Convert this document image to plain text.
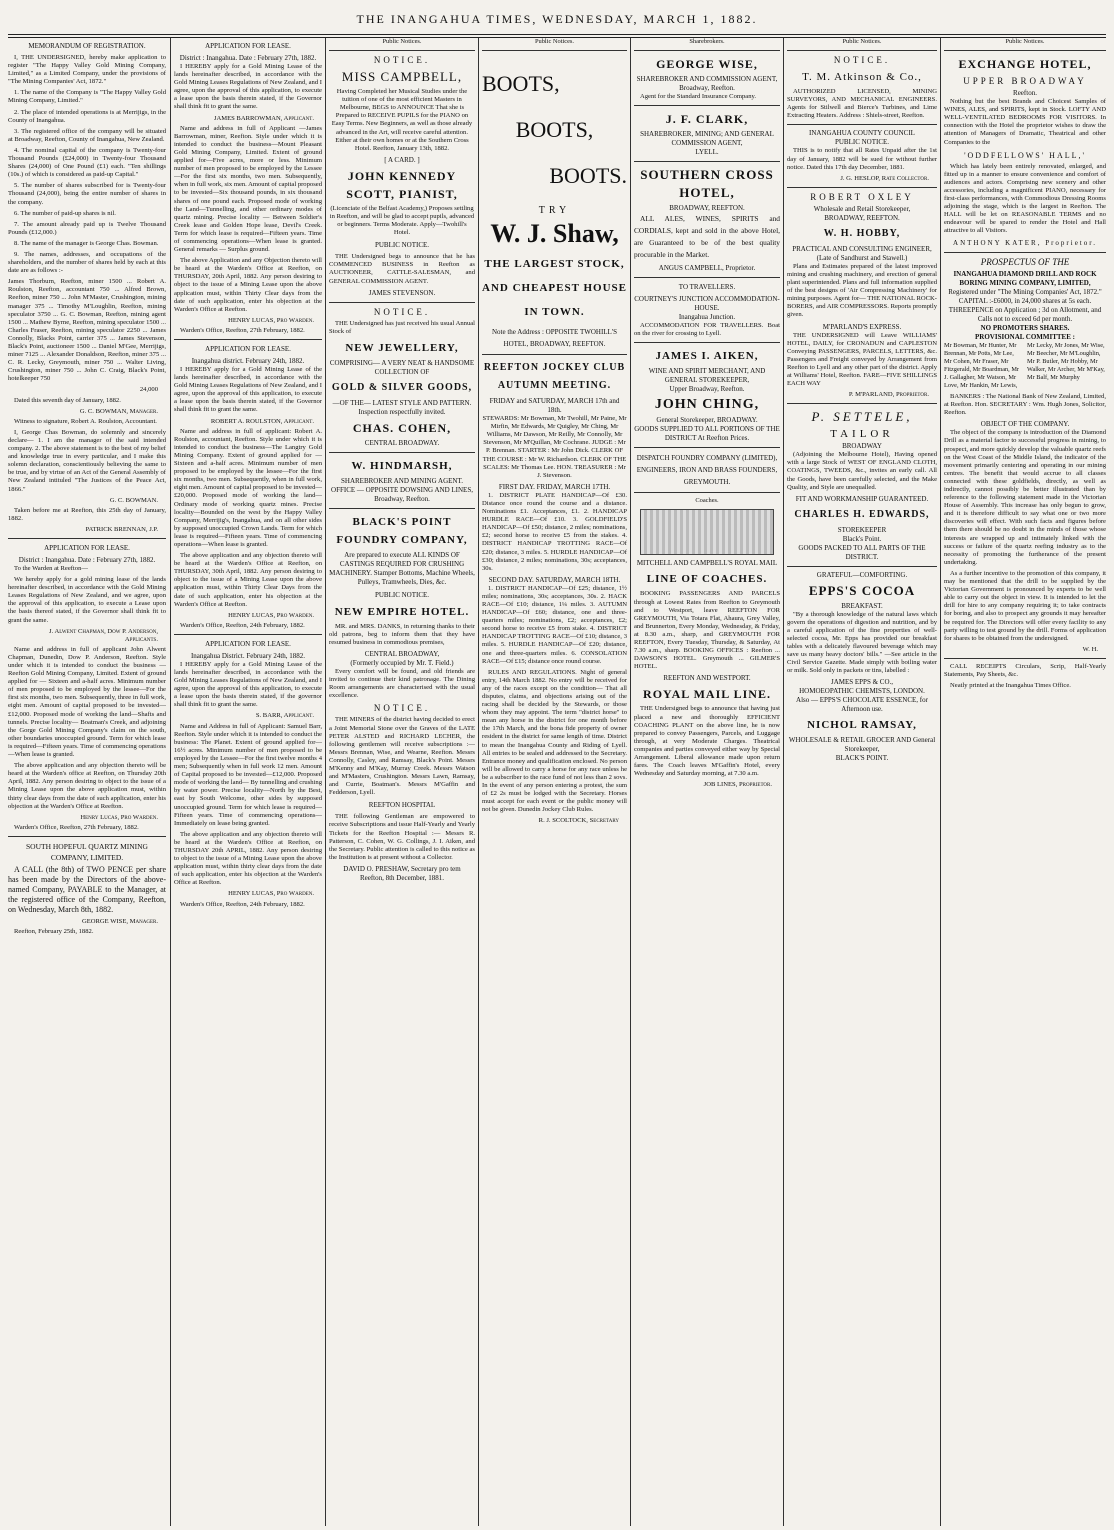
THE INANGAHUA TIMES, WEDNESDAY, MARCH 1, 1882.
MEMORANDUM OF REGISTRATION.

I, THE UNDERSIGNED, hereby make application to register "The Happy Valley Gold Mining Company, Limited," as a Limited Company, under the provisions of "The Mining Companies' Act, 1872."

1. The name of the Company is "The Happy Valley Gold Mining Company, Limited."

2. The place of intended operations is at Merrijigs, in the County of Inangahua.

3. The registered office of the company will be situated at Broadway, Reefton, County of Inangahua, New Zealand.

4. The nominal capital of the company is Twenty-four Thousand Pounds (£24,000) in Twenty-four Thousand Shares (24,000) of One Pound (£1) each. "Ten shillings (10s.) of which is considered as paid-up Capital."

5. The number of shares subscribed for is Twenty-four Thousand (24,000), being the entire number of shares in the company.

6. The number of paid-up shares is nil.

7. The amount already paid up is Twelve Thousand Pounds (£12,000.)

8. The name of the manager is George Chas. Bowman.

9. The names, addresses, and occupations of the shareholders, and the number of shares held by each at this date are as follows :-

James Thorburn, Reefton, miner 1500 ... Robert A. Roulston, Reefton, accountant 750 ... Alfred Brown, Reefton, miner 750 ... John M'Master, Crushington, mining manager 375 ... Timothy M'Loughlin, Reefton, mining speculator 3750 ... G. C. Bowman, Reefton, mining agent 1500 ... Mathew Byrne, Reefton, mining speculator 1500 ... Charles Fraser, Reefton, mining speculator 2250 ... James Connolly, Blacks Point, carrier 375 ... James Stevenson, Black's Point, auctioneer 1500 ... Daniel M'Gee, Merrijigs, miner 7125 ... Alexander Donaldson, Reefton, miner 375 ... C. R. Lecky, Greymouth, miner 750 ... Walter Living, Crushington, miner 750 ... John C. Craig, Black's Point, hotelkeeper 750

24,000

Dated this seventh day of January, 1882.

G. C. BOWMAN, Manager.

Witness to signature, Robert A. Roulston, Accountant.

I, George Chas Bowman, do solemnly and sincerely declare— 1. I am the manager of the said intended company. 2. The above statement is to the best of my belief and knowledge true in every particular, and I make this solemn declaration, conscientiously believing the same to be true, and by virtue of an Act of the General Assembly of New Zealand intituled "The Justices of the Peace Act, 1866."

G. C. BOWMAN.

Taken before me at Reefton, this 25th day of January, 1882.

PATRICK BRENNAN, J.P.
APPLICATION FOR LEASE.
District : Inangahua. Date : February 27th, 1882.

To the Warden at Reefton—

We hereby apply for a gold mining lease of the lands hereinafter described, in accordance with the Gold Mining Leases Regulations of New Zealand, and we agree, upon the approval of this application, to execute a Lease upon the basis thereof stated, if the Governor shall think fit to grant the same.

J. Alwent Chapman, Dow P. Anderson, Applicants.

Name and address in full of applicant John Alwent Chapman, Dunedin, Dow P. Anderson, Reefton. Style under which it is intended to conduct the business — Reefton Gold Mining Company, Limited. Extent of ground applied for — Sixteen and a-half acres. Minimum number of men proposed to be employed by the lessee—For the first six months, two men. Subsequently, three in full work, eight men. Amount of capital proposed to be invested—£12,000. Proposed mode of working the land—Shafts and tunnels. Precise locality— Boatman's Creek, and adjoining the Gorge Gold Mining Company's claim on the south, other boundaries unoccupied ground. Term for which lease is required—Fifteen years. Time of commencing operations—When lease is granted.

The above application and any objection thereto will be heard at the Warden's office at Reefton, on Thursday 20th April, 1882. Any person desiring to object to the issue of a Mining Lease upon the above application must, within thirty clear days from the date of such application, enter his objection at the Warden's Office at Reefton.

Henry Lucas, Pro Warden.

Warden's Office, Reefton, 27th February, 1882.

SOUTH HOPEFUL QUARTZ MINING COMPANY, LIMITED.

A CALL (the 8th) of TWO PENCE per share has been made by the Directors of the above-named Company, PAYABLE to the Manager, at the registered office of the Company, Reefton, on Wednesday, March 8th, 1882.

GEORGE WISE, Manager.

Reefton, February 25th, 1882.

APPLICATION FOR LEASE.
District : Inangahua. Date : February 27th, 1882.

I HEREBY apply for a Gold Mining Lease of the lands hereinafter described, in accordance with the Gold Mining Leases Regulations of New Zealand, and I agree, upon the approval of this application, to execute a lease upon the basis therein stated, if the Governor shall think fit to grant the same.

JAMES BARROWMAN, Applicant.

Name and address in full of Applicant —James Barrowman, miner, Reefton. Style under which it is intended to conduct the business—Mount Pleasant Gold Mining Company, Limited. Extent of ground applied for—Five acres, more or less. Minimum number of men proposed to be employed by the Lessee—For the first six months, two men. Subsequently, when in full work, six men. Amount of capital proposed to be invested—Six thousand pounds, in six thousand shares of one pound each. Proposed mode of working the Land—Tunnelling, and other ordinary modes of quartz mining. Precise locality — Between Soldier's Creek lease and Golden Hope lease, Devil's Creek. Term for which lease is required—Fifteen years. Time of commencing operations—When lease is granted. General remarks — Surplus ground.

The above Application and any Objection thereto will be heard at the Warden's Office at Reefton, on THURSDAY, 20th April, 1882. Any person desiring to object to the issue of a Mining Lease upon the above application must, within Thirty Clear days from the date of such application, enter his objection at the Warden's Office at Reefton.

HENRY LUCAS, Pro Warden.

Warden's Office, Reefton, 27th February, 1882.

APPLICATION FOR LEASE.
Inangahua district. February 24th, 1882.

I HEREBY apply for a Gold Mining Lease of the lands hereinafter described, in accordance with the Gold Mining Leases Regulations of New Zealand, and I agree, upon the approval of this application, to execute a lease upon the basis therein stated, if the Governor shall think fit to grant the same.

ROBERT A. ROULSTON, Applicant.

Name and address in full of applicant: Robert A. Roulston, accountant, Reefton. Style under which it is intended to conduct the business—The Langtry Gold Mining Company. Extent of ground applied for — Sixteen and a-half acres. Minimum number of men proposed to be employed by the lessee—For the first six months, two men. Subsequently, when in full work, eight men. Amount of capital proposed to be invested—£20,000. Proposed mode of working the land— Ordinary mode of working quartz mines. Precise locality—Bounded on the west by the Happy Valley Company, Merrijig's, Inangahua, and on all other sides by supposed unoccupied Crown Lands. Term for which lease is required—Fifteen years. Time of commencing operations—When lease is granted.

The above application and any objection thereto will be heard at the Warden's Office at Reefton, on THURSDAY, 30th April, 1882. Any person desiring to object to the issue of a Mining Lease upon the above application must, within Thirty Clear Days from the date of such application, enter his objection at the Warden's Office at Reefton.

HENRY LUCAS, Pro Warden.

Warden's Office, Reefton, 24th February, 1882.

APPLICATION FOR LEASE.
Inangahua District. February 24th, 1882.

I HEREBY apply for a Gold Mining Lease of the lands hereinafter described, in accordance with the Gold Mining Leases Regulations of New Zealand, and I agree, upon the approval of this application, to execute a lease upon the basis therein stated, if the governor shall think fit to grant the same.

S. BARR, Applicant.

Name and Address in full of Applicant: Samuel Barr, Reefton. Style under which it is intended to conduct the business: The Planet. Extent of ground applied for—16½ acres. Minimum number of men proposed to be employed by the Lessee—For the first twelve months 4 men; Subsequently when in full work 12 men. Amount of Capital proposed to be invested—£12,000. Proposed mode of working the land— By tunnelling and crushing by water power. Precise locality—North by the Best, east by South Welcome, other sides by supposed unoccupied ground. Term for which lease is required—Fifteen years. Time of commencing operations—Immediately on lease being granted.

The above application and any objection thereto will be heard at the Warden's Office at Reefton, on THURSDAY 20th APRIL, 1882. Any person desiring to object to the issue of a Mining Lease upon the above application must, within thirty clear days from the date of such application, enter his objection at the Warden's Office at Reefton.

HENRY LUCAS, Pro Warden.

Warden's Office, Reefton, 24th February, 1882.

Public Notices.
NOTICE.
MISS CAMPBELL,

Having Completed her Musical Studies under the tuition of one of the most efficient Masters in Melbourne, BEGS to ANNOUNCE That she is Prepared to RECEIVE PUPILS for the PIANO on Easy Terms. New Beginners, as well as those already advanced in the Art, will receive careful attention. Either at their own homes or at the Southern Cross Hotel. Reefton, January 13th, 1882.

[ A CARD. ]
JOHN KENNEDY SCOTT, PIANIST,

(Licenciate of the Belfast Academy,) Proposes settling in Reefton, and will be glad to accept pupils, advanced or beginners. Terms Moderate. Apply—Twohill's Hotel.

PUBLIC NOTICE.

THE Undersigned begs to announce that he has COMMENCED BUSINESS in Reefton as AUCTIONEER, CATTLE-SALESMAN, and GENERAL COMMISSION AGENT.

JAMES STEVENSON.
NOTICE.

THE Undersigned has just received his usual Annual Stock of

NEW JEWELLERY,
COMPRISING— A VERY NEAT & HANDSOME COLLECTION OF
GOLD & SILVER GOODS,
—OF THE— LATEST STYLE AND PATTERN. Inspection respectfully invited.
CHAS. COHEN,
CENTRAL BROADWAY.
W. HINDMARSH,
SHAREBROKER AND MINING AGENT.
OFFICE — OPPOSITE DOWSING AND LINES, Broadway, Reefton.
BLACK'S POINT FOUNDRY COMPANY,
Are prepared to execute ALL KINDS OF CASTINGS REQUIRED FOR CRUSHING MACHINERY. Stamper Bottoms, Machine Wheels, Pulleys, Tramwheels, Dies, &c.
PUBLIC NOTICE.
NEW EMPIRE HOTEL.

MR. and MRS. DANKS, in returning thanks to their old patrons, beg to inform them that they have resumed business in commodious premises,

CENTRAL BROADWAY,
(Formerly occupied by Mr. T. Field.)

Every comfort will be found, and old friends are invited to continue their kind patronage. The Dining Room arrangements are characterised with the usual excellence.

NOTICE.

THE MINERS of the district having decided to erect a Joint Memorial Stone over the Graves of the LATE PETER ALSTED and RICHARD LECHER, the following gentlemen will receive subscriptions :— Messrs Brennan, Wise, and Wearne, Reefton. Messrs Connolly, Casley, and Ramsay, Black's Point. Messrs M'Kenny and M'Kay, Murray Creek. Messrs Watson and M'Masters, Crushington. Messrs Lawn, Ramsay, and Currie, Boatman's. Messrs M'Gaffin and Fedderson, Lyell.

REEFTON HOSPITAL

THE following Gentleman are empowered to receive Subscriptions and issue Half-Yearly and Yearly Tickets for the Reefton Hospital :— Messrs R. Patterson, C. Cohen, W. G. Collings, J. I. Aiken, and the Secretary. Public attention is called to this notice as the Institution is at present without a Collector.

DAVID O. PRESHAW, Secretary pro tem
Reefton, 8th December, 1881.
Public Notices.
BOOTS,
BOOTS,
BOOTS.
TRY
W. J. Shaw,
THE LARGEST STOCK, AND CHEAPEST HOUSE IN TOWN.
Note the Address : OPPOSITE TWOHILL'S HOTEL, BROADWAY, REEFTON.
REEFTON JOCKEY CLUB AUTUMN MEETING.
FRIDAY and SATURDAY, MARCH 17th and 18th.

STEWARDS: Mr Bowman, Mr Twohill, Mr Paine, Mr Mirfin, Mr Edwards, Mr Quigley, Mr Ching, Mr Williams, Mr Dawson, Mr Reilly, Mr Connolly, Mr Stevenson, Mr M'Quillan, Mr Cochrane. JUDGE : Mr P. Brennan. STARTER : Mr John Dick. CLERK OF THE COURSE : Mr W. Richardson. CLERK OF THE SCALES: Mr Thomas Lee. HON. TREASURER : Mr J. Stevenson.

FIRST DAY. FRIDAY, MARCH 17TH.

1. DISTRICT PLATE HANDICAP—Of £30. Distance once round the course and a distance. Nominations £1. Acceptances, £1. 2. HANDICAP HURDLE RACE—Of £10. 3. GOLDFIELD'S HANDICAP—Of £50; distance, 2 miles; nominations, £2; second horse to receive £5 from the stakes. 4. DISTRICT HANDICAP TROTTING RACE—Of £20; distance, 3 miles. 5. HURDLE HANDICAP—Of £30; distance, 2 miles; nominations, 30s; acceptances, 30s.

SECOND DAY. SATURDAY, MARCH 18TH.

1. DISTRICT HANDICAP—Of £25; distance, 1½ miles; nominations, 30s; acceptances, 30s. 2. HACK RACE—Of £10; distance, 1¼ miles. 3. AUTUMN HANDICAP—Of £60; distance, one and three-quarters miles; nominations, £2; acceptances, £2; second horse to receive £5 from stake. 4. DISTRICT HANDICAP TROTTING RACE—Of £10; distance, 3 miles. 5. HURDLE HANDICAP—Of £20; distance, one and three-quarters miles. 6. CONSOLATION RACE—Of £15; distance once round course.

RULES AND REGULATIONS. Night of general entry, 14th March 1882. No entry will be received for any of the races except on the condition— That all disputes, claims, and objections arising out of the racing shall be decided by the Stewards, or those whom they may appoint. The term "district horse" to mean any horse in the district for one month before the 17th March, and the bona fide property of owner resident in the district for same length of time. District to mean the Inangahua County and Riding of Lyell. All entries to be sealed and addressed to the Secretary. Entrance money and qualification enclosed. No person will be allowed to carry a horse for any race unless he be a subscriber to the race fund of not less than 2 sovs. In the event of any person entering a protest, the sum of £2 2s must be lodged with the Secretary. Horses must accept for each event or the public money will not be given. Dunedin Jockey Club Rules.

R. J. SCOLTOCK, Secretary
Sharebrokers.
GEORGE WISE,
SHAREBROKER AND COMMISSION AGENT,
Broadway, Reefton.

Agent for the Standard Insurance Company.

J. F. CLARK,
SHAREBROKER, MINING; AND GENERAL COMMISSION AGENT,
LYELL.
SOUTHERN CROSS HOTEL,
BROADWAY, REEFTON.

ALL ALES, WINES, SPIRITS and CORDIALS, kept and sold in the above Hotel, are Guaranteed to be of the best quality procurable in the Market.

ANGUS CAMPBELL, Proprietor.
TO TRAVELLERS.
COURTNEY'S JUNCTION ACCOMMODATION-HOUSE.
Inangahua Junction.

ACCOMMODATION FOR TRAVELLERS. Boat on the river for crossing to Lyell.

JAMES I. AIKEN,
WINE AND SPIRIT MERCHANT, AND GENERAL STOREKEEPER,
Upper Broadway, Reefton.
JOHN CHING,
General Storekeeper, BROADWAY.
GOODS SUPPLIED TO ALL PORTIONS OF THE DISTRICT At Reefton Prices.
DISPATCH FOUNDRY COMPANY (LIMITED), ENGINEERS, IRON AND BRASS FOUNDERS, GREYMOUTH.
Coaches.
MITCHELL AND CAMPBELL'S ROYAL MAIL
LINE OF COACHES.

BOOKING PASSENGERS AND PARCELS through at Lowest Rates from Reefton to Greymouth and to Westport, leave REEFTON FOR GREYMOUTH, Via Totara Flat, Ahaura, Grey Valley, and Brunnerton, Every Monday, Wednesday, & Friday, at 8.30 a.m., sharp, and GREYMOUTH FOR REEFTON, Every Tuesday, Thursday, & Saturday, At 7.30 a.m., sharp. BOOKING OFFICES : Reefton ... DAWSON'S HOTEL. Greymouth ... GILMER'S HOTEL.

REEFTON AND WESTPORT.
ROYAL MAIL LINE.

THE Undersigned begs to announce that having just placed a new and thoroughly EFFICIENT COACHING PLANT on the above line, he is now prepared to convey Passengers, Parcels, and Luggage through, at very Moderate Charges. Theatrical companies and parties conveyed either way by Special Arrangement. Liberal allowance made upon return fares. The Coach leaves M'Gaffin's Hotel, every Wednesday and Saturday morning, at 7.30 a.m.

JOB LINES, Proprietor.
Public Notices.
NOTICE.
T. M. Atkinson & Co.,

AUTHORIZED LICENSED, MINING SURVEYORS, AND MECHANICAL ENGINEERS. Agents for Stilwell and Bierce's Turbines, and Lime Extracting Heaters. Address : Shiels-street, Reefton.

INANGAHUA COUNTY COUNCIL
PUBLIC NOTICE.

THIS is to notify that all Rates Unpaid after the 1st day of January, 1882 will be sued for without further notice. Dated this 17th day December, 1881.

J. G. HESLOP, Rate Collector.
ROBERT OXLEY
Wholesale and Retail Storekeeper,
BROADWAY, REEFTON.
W. H. HOBBY,
PRACTICAL AND CONSULTING ENGINEER,
(Late of Sandhurst and Stawell.)

Plans and Estimates prepared of the latest improved mining and crushing machinery, and erection of general plant superintended. Plans and full information supplied of the best designs of 'Air Compressing Machinery' for mining purposes. Agent for— THE NATIONAL ROCK-BORERS, and AIR COMPRESSORS. Reports promptly given.

M'PARLAND'S EXPRESS.

THE UNDERSIGNED will Leave WILLIAMS' HOTEL, DAILY, for CRONADUN and CAPLESTON Conveying PASSENGERS, PARCELS, LETTERS, &c. Passengers and Freight conveyed by Arrangement from Reefton to Lyell and any other part of the district. Apply at Williams' Hotel, Reefton. FARE—FIVE SHILLINGS EACH WAY

P. M'PARLAND, Proprietor.
P. SETTELE,
TAILOR
BROADWAY

(Adjoining the Melbourne Hotel), Having opened with a large Stock of WEST OF ENGLAND CLOTH, COATINGS, TWEEDS, &c., invites an early call. All the Goods, have been carefully selected, and the Make Quality, and Style are unequalled.

FIT AND WORKMANSHIP GUARANTEED.
CHARLES H. EDWARDS,
STOREKEEPER
Black's Point.
GOODS PACKED TO ALL PARTS OF THE DISTRICT.
GRATEFUL—COMFORTING.
EPPS'S COCOA
BREAKFAST.

"By a thorough knowledge of the natural laws which govern the operations of digestion and nutrition, and by a careful application of the fine properties of well-selected cocoa, Mr. Epps has provided our breakfast tables with a delicately flavoured beverage which may save us many heavy doctors' bills." —See article in the Civil Service Gazette. Made simply with boiling water or milk. Sold only in packets or tins, labelled :

JAMES EPPS & CO.,
HOMOEOPATHIC CHEMISTS, LONDON.
Also — EPPS'S CHOCOLATE ESSENCE, for Afternoon use.
NICHOL RAMSAY,
WHOLESALE & RETAIL GROCER AND General Storekeeper,
BLACK'S POINT.
Public Notices.
EXCHANGE HOTEL,
UPPER BROADWAY
Reefton.

Nothing but the best Brands and Choicest Samples of WINES, ALES, and SPIRITS, kept in Stock. LOFTY AND WELL-VENTILATED BEDROOMS FOR VISITORS. In connection with the Hotel the proprietor wishes to draw the attention of Managers of Dramatic, Theatrical and other Companies to the

'ODDFELLOWS' HALL,'

Which has lately been entirely renovated, enlarged, and fitted up in a manner to ensure convenience and comfort of audiences and actors. Comprising new scenery and other accessories, including a magnificent PIANO, necessary for first-class performances, with Commodious Dressing Rooms adjoining the stage, which is the largest in Reefton. The HALL will be let on REASONABLE TERMS and no endeavour will be spared to render the Hotel and Hall attractive to all Visitors.

ANTHONY KATER, Proprietor.
PROSPECTUS OF THE
INANGAHUA DIAMOND DRILL AND ROCK BORING MINING COMPANY, LIMITED,
Registered under "The Mining Companies' Act, 1872."
CAPITAL :-£6000, in 24,000 shares at 5s each.
THREEPENCE on Application ; 3d on Allotment, and Calls not to exceed 6d per month.
NO PROMOTERS SHARES.
PROVISIONAL COMMITTEE :

Mr Bowman, Mr Hunter, Mr Brennan, Mr Potts, Mr Lee, Mr Cohen, Mr Fraser, Mr Fitzgerald, Mr Boardman, Mr J. Gallagher, Mr Watson, Mr Love, Mr Hankin, Mr Lewis, Mr Lecky, Mr Jones, Mr Wise, Mr Beecher, Mr M'Loughlin, Mr P. Butler, Mr Hobby, Mr Walker, Mr Archer, Mr M'Kay, Mr Balf, Mr Murphy

BANKERS : The National Bank of New Zealand, Limited, at Reefton. Hon. SECRETARY : Wm. Hugh Jones, Solicitor, Reefton.

OBJECT OF THE COMPANY.

The object of the company is introduction of the Diamond Drill as a material factor to successful progress in mining, to prospect, and more quickly develop the valuable quartz reefs on the West Coast of the Middle Island, the indicator of the movement primarily centering and operating in our mining centres. The benefit that would accrue to all classes connected with these goldfields, directly, as well as indirectly, cannot possibly be better illustrated than by reference to the following statement made in the Victorian House of Assembly. This increase has only begun to grow, and it is therefore difficult to say what one or two more discoveries will effect. With such facts and figures before them there should be no doubt in the minds of those whose interests are wrapped up and intimately linked with the success or failure of the quartz reefing industry as to the necessity of promoting the furtherance of the present undertaking.

As a further incentive to the promotion of this company, it may be mentioned that the drill to be supplied by the Victorian Government is pronounced by experts to be well able to carry out the object in view. It is intended to let the drill for hire to any company requiring it; to take contracts for boring, and also to prospect any grounds it may hereafter be required for. The Directors will offer every facility to any party willing to test ground by the drill. Forms of application for shares to be obtained from the undersigned.

W. H.

CALL RECEIPTS Circulars, Scrip, Half-Yearly Statements, Pay Sheets, &c.

Neatly printed at the Inangahua Times Office.
